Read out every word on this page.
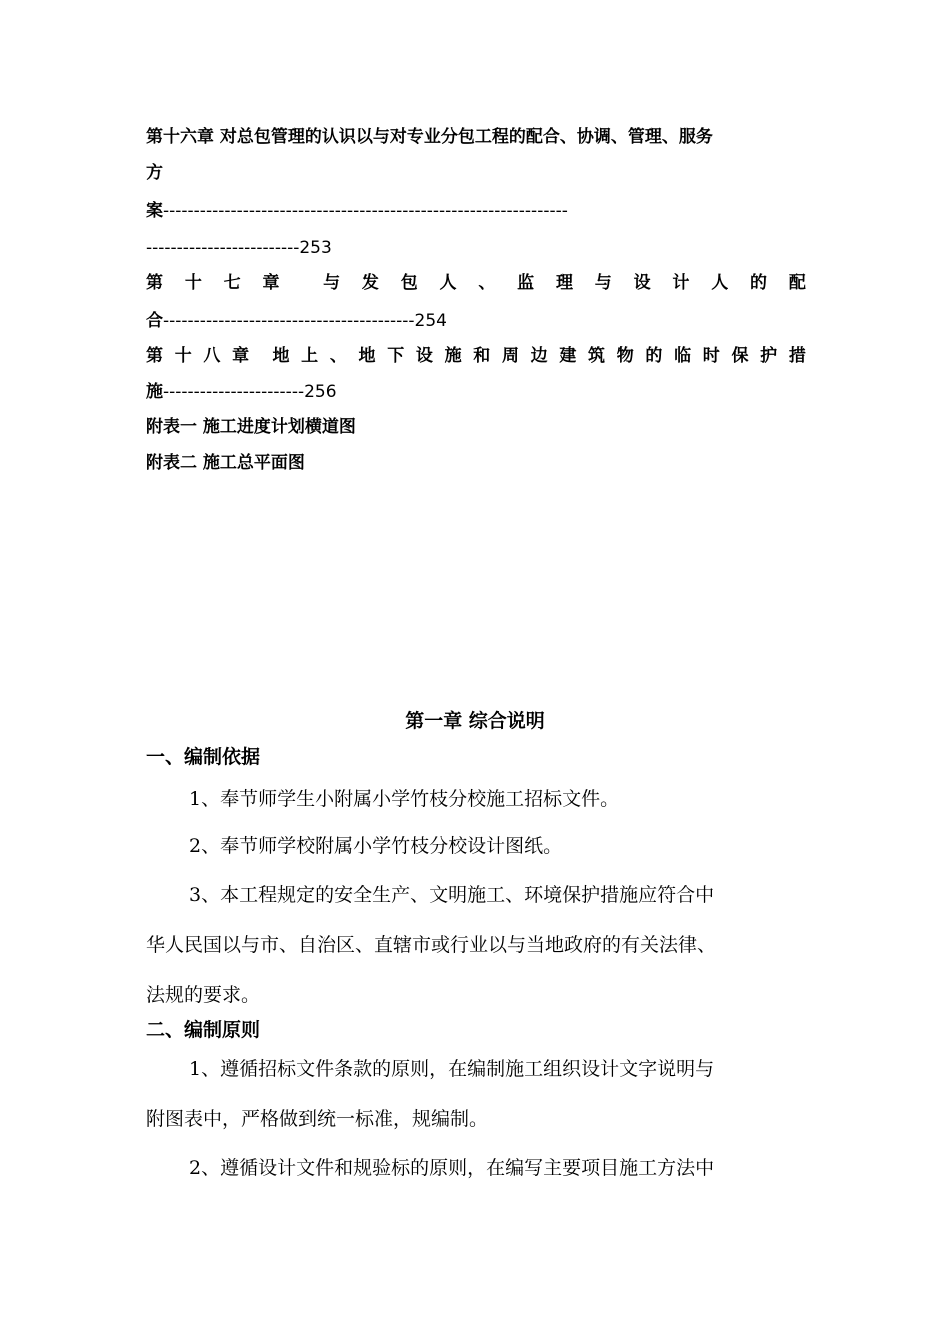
第十六章 对总包管理的认识以与对专业分包工程的配合、协调、管理、服务
方
案------------------------------------------------------------------
-------------------------253
第 十 七 章	与 发 包 人 、 监 理 与 设 计 人 的 配
合-----------------------------------------254
第 十 八 章 地 上 、 地 下 设 施 和 周 边 建 筑 物 的 临 时 保 护 措
施-----------------------256
附表一 施工进度计划横道图
附表二 施工总平面图
第一章 综合说明
一、编制依据
1、奉节师学生小附属小学竹枝分校施工招标文件。
2、奉节师学校附属小学竹枝分校设计图纸。
3、本工程规定的安全生产、文明施工、环境保护措施应符合中
华人民国以与市、自治区、直辖市或行业以与当地政府的有关法律、
法规的要求。
二、编制原则
1、遵循招标文件条款的原则，在编制施工组织设计文字说明与
附图表中，严格做到统一标准，规编制。
2、遵循设计文件和规验标的原则，在编写主要项目施工方法中
